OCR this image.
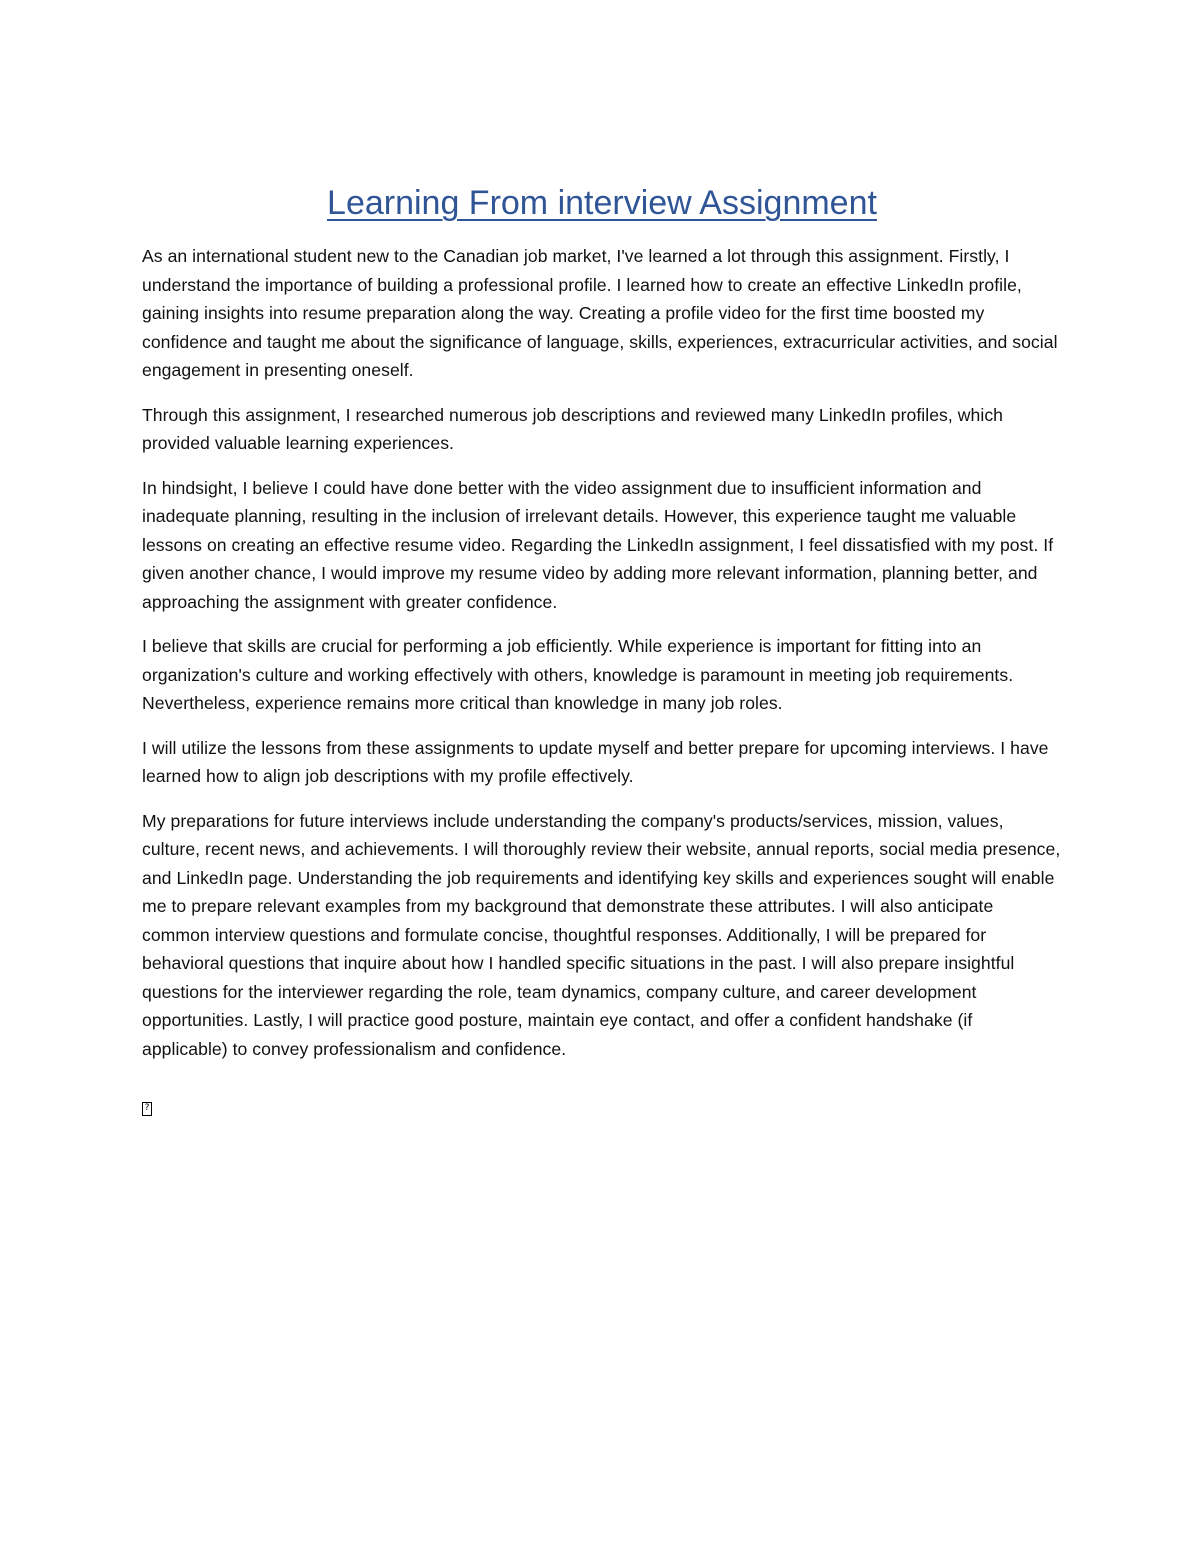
Learning From interview Assignment

As an international student new to the Canadian job market, I've learned a lot through this assignment. Firstly, I understand the importance of building a professional profile. I learned how to create an effective LinkedIn profile, gaining insights into resume preparation along the way. Creating a profile video for the first time boosted my confidence and taught me about the significance of language, skills, experiences, extracurricular activities, and social engagement in presenting oneself.

Through this assignment, I researched numerous job descriptions and reviewed many LinkedIn profiles, which provided valuable learning experiences.

In hindsight, I believe I could have done better with the video assignment due to insufficient information and inadequate planning, resulting in the inclusion of irrelevant details. However, this experience taught me valuable lessons on creating an effective resume video. Regarding the LinkedIn assignment, I feel dissatisfied with my post. If given another chance, I would improve my resume video by adding more relevant information, planning better, and approaching the assignment with greater confidence.

I believe that skills are crucial for performing a job efficiently. While experience is important for fitting into an organization's culture and working effectively with others, knowledge is paramount in meeting job requirements. Nevertheless, experience remains more critical than knowledge in many job roles.

I will utilize the lessons from these assignments to update myself and better prepare for upcoming interviews. I have learned how to align job descriptions with my profile effectively.

My preparations for future interviews include understanding the company's products/services, mission, values, culture, recent news, and achievements. I will thoroughly review their website, annual reports, social media presence, and LinkedIn page. Understanding the job requirements and identifying key skills and experiences sought will enable me to prepare relevant examples from my background that demonstrate these attributes. I will also anticipate common interview questions and formulate concise, thoughtful responses. Additionally, I will be prepared for behavioral questions that inquire about how I handled specific situations in the past. I will also prepare insightful questions for the interviewer regarding the role, team dynamics, company culture, and career development opportunities. Lastly, I will practice good posture, maintain eye contact, and offer a confident handshake (if applicable) to convey professionalism and confidence.

?
